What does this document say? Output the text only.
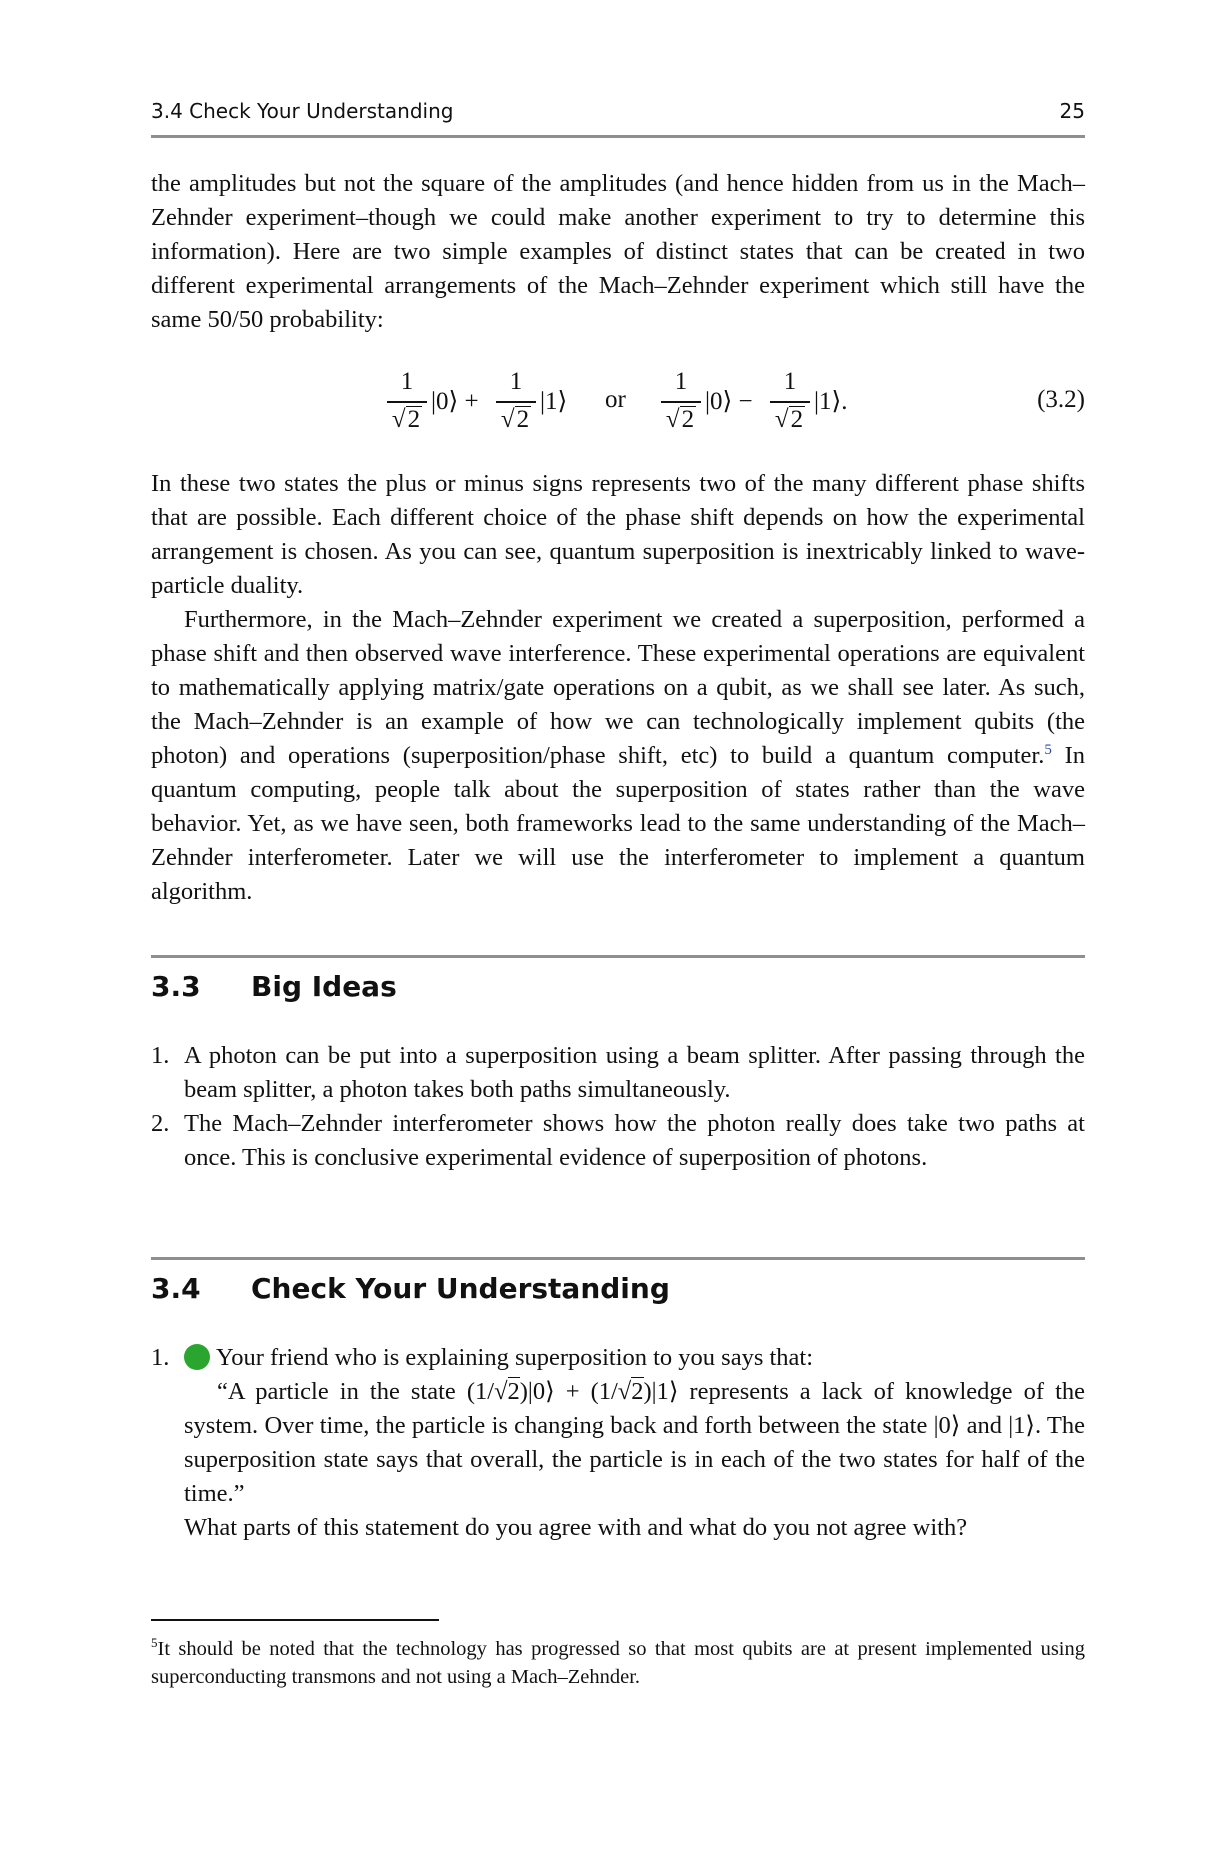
3.4 Check Your Understanding	25

the amplitudes but not the square of the amplitudes (and hence hidden from us in the Mach–Zehnder experiment–though we could make another experiment to try to determine this information). Here are two simple examples of distinct states that can be created in two different experimental arrangements of the Mach–Zehnder experiment which still have the same 50/50 probability:

1
√2
|0⟩ +
1
√2
|1⟩ or
1
√2
|0⟩ −
1
√2
|1⟩.	(3.2)

In these two states the plus or minus signs represents two of the many different phase shifts that are possible. Each different choice of the phase shift depends on how the experimental arrangement is chosen. As you can see, quantum superposition is inextricably linked to wave-particle duality.

Furthermore, in the Mach–Zehnder experiment we created a superposition, performed a phase shift and then observed wave interference. These experimental operations are equivalent to mathematically applying matrix/gate operations on a qubit, as we shall see later. As such, the Mach–Zehnder is an example of how we can technologically implement qubits (the photon) and operations (superposition/phase shift, etc) to build a quantum computer.$^5$ In quantum computing, people talk about the superposition of states rather than the wave behavior. Yet, as we have seen, both frameworks lead to the same understanding of the Mach–Zehnder interferometer. Later we will use the interferometer to implement a quantum algorithm.

3.3 Big Ideas
1. A photon can be put into a superposition using a beam splitter. After passing through the beam splitter, a photon takes both paths simultaneously.
2. The Mach–Zehnder interferometer shows how the photon really does take two paths at once. This is conclusive experimental evidence of superposition of photons.
3.4 Check Your Understanding
1.	Your friend who is explaining superposition to you says that:
“A particle in the state (1/√2)|0⟩ + (1/√2)|1⟩ represents a lack of knowledge of the system. Over time, the particle is changing back and forth between the state |0⟩ and |1⟩. The superposition state says that overall, the particle is in each of the two states for half of the time.”
What parts of this statement do you agree with and what do you not agree with?
$^5$It should be noted that the technology has progressed so that most qubits are at present implemented using superconducting transmons and not using a Mach–Zehnder.
